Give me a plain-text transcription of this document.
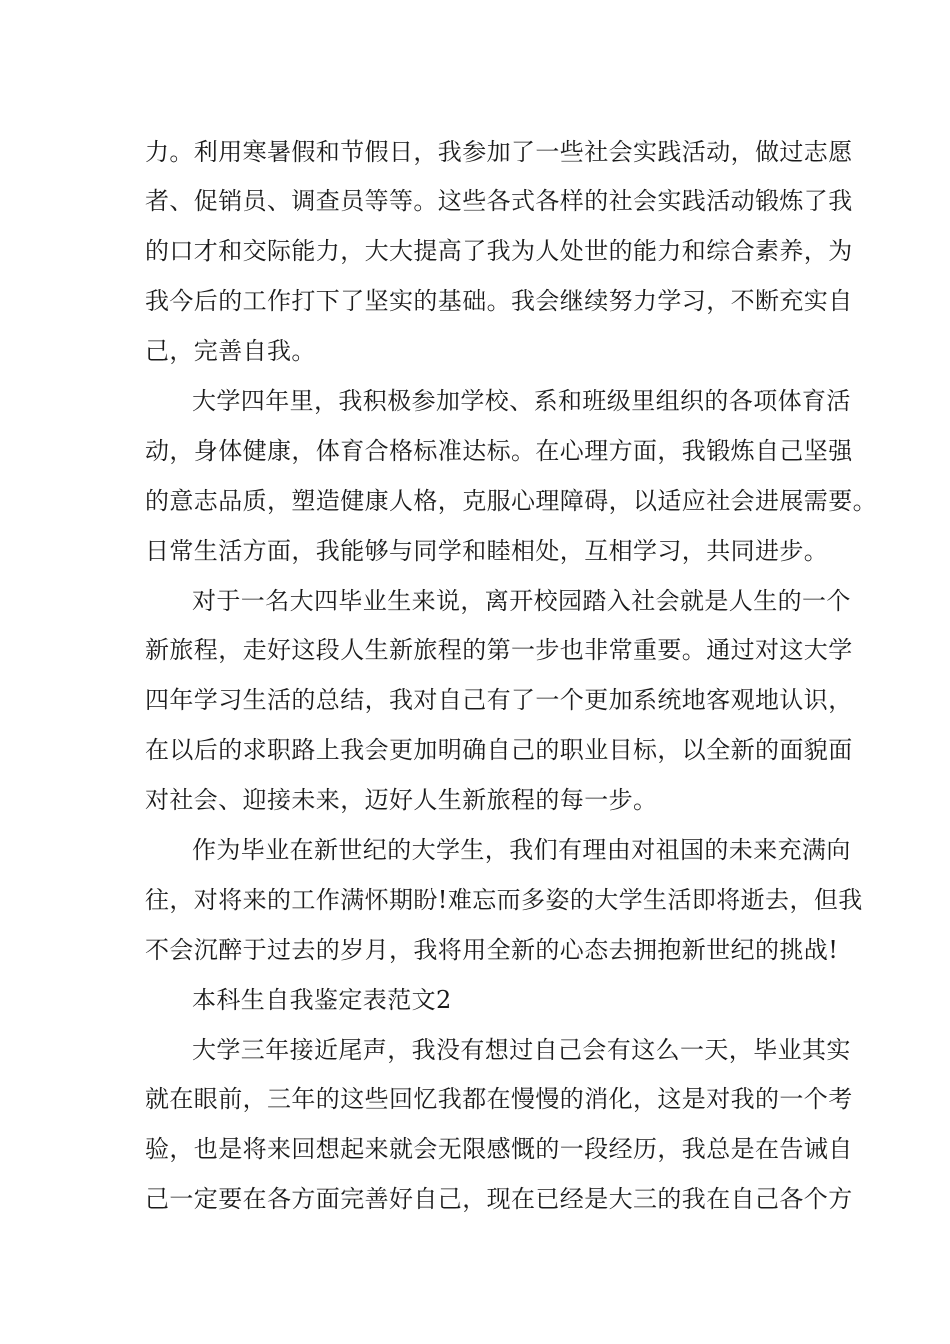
力。利用寒暑假和节假日，我参加了一些社会实践活动，做过志愿
者、促销员、调查员等等。这些各式各样的社会实践活动锻炼了我
的口才和交际能力，大大提高了我为人处世的能力和综合素养，为
我今后的工作打下了坚实的基础。我会继续努力学习，不断充实自
己，完善自我。
大学四年里，我积极参加学校、系和班级里组织的各项体育活
动，身体健康，体育合格标准达标。在心理方面，我锻炼自己坚强
的意志品质，塑造健康人格，克服心理障碍，以适应社会进展需要。
日常生活方面，我能够与同学和睦相处，互相学习，共同进步。
对于一名大四毕业生来说，离开校园踏入社会就是人生的一个
新旅程，走好这段人生新旅程的第一步也非常重要。通过对这大学
四年学习生活的总结，我对自己有了一个更加系统地客观地认识，
在以后的求职路上我会更加明确自己的职业目标，以全新的面貌面
对社会、迎接未来，迈好人生新旅程的每一步。
作为毕业在新世纪的大学生，我们有理由对祖国的未来充满向
往，对将来的工作满怀期盼!难忘而多姿的大学生活即将逝去，但我
不会沉醉于过去的岁月，我将用全新的心态去拥抱新世纪的挑战!
本科生自我鉴定表范文2
大学三年接近尾声，我没有想过自己会有这么一天，毕业其实
就在眼前，三年的这些回忆我都在慢慢的消化，这是对我的一个考
验，也是将来回想起来就会无限感慨的一段经历，我总是在告诫自
己一定要在各方面完善好自己，现在已经是大三的我在自己各个方
